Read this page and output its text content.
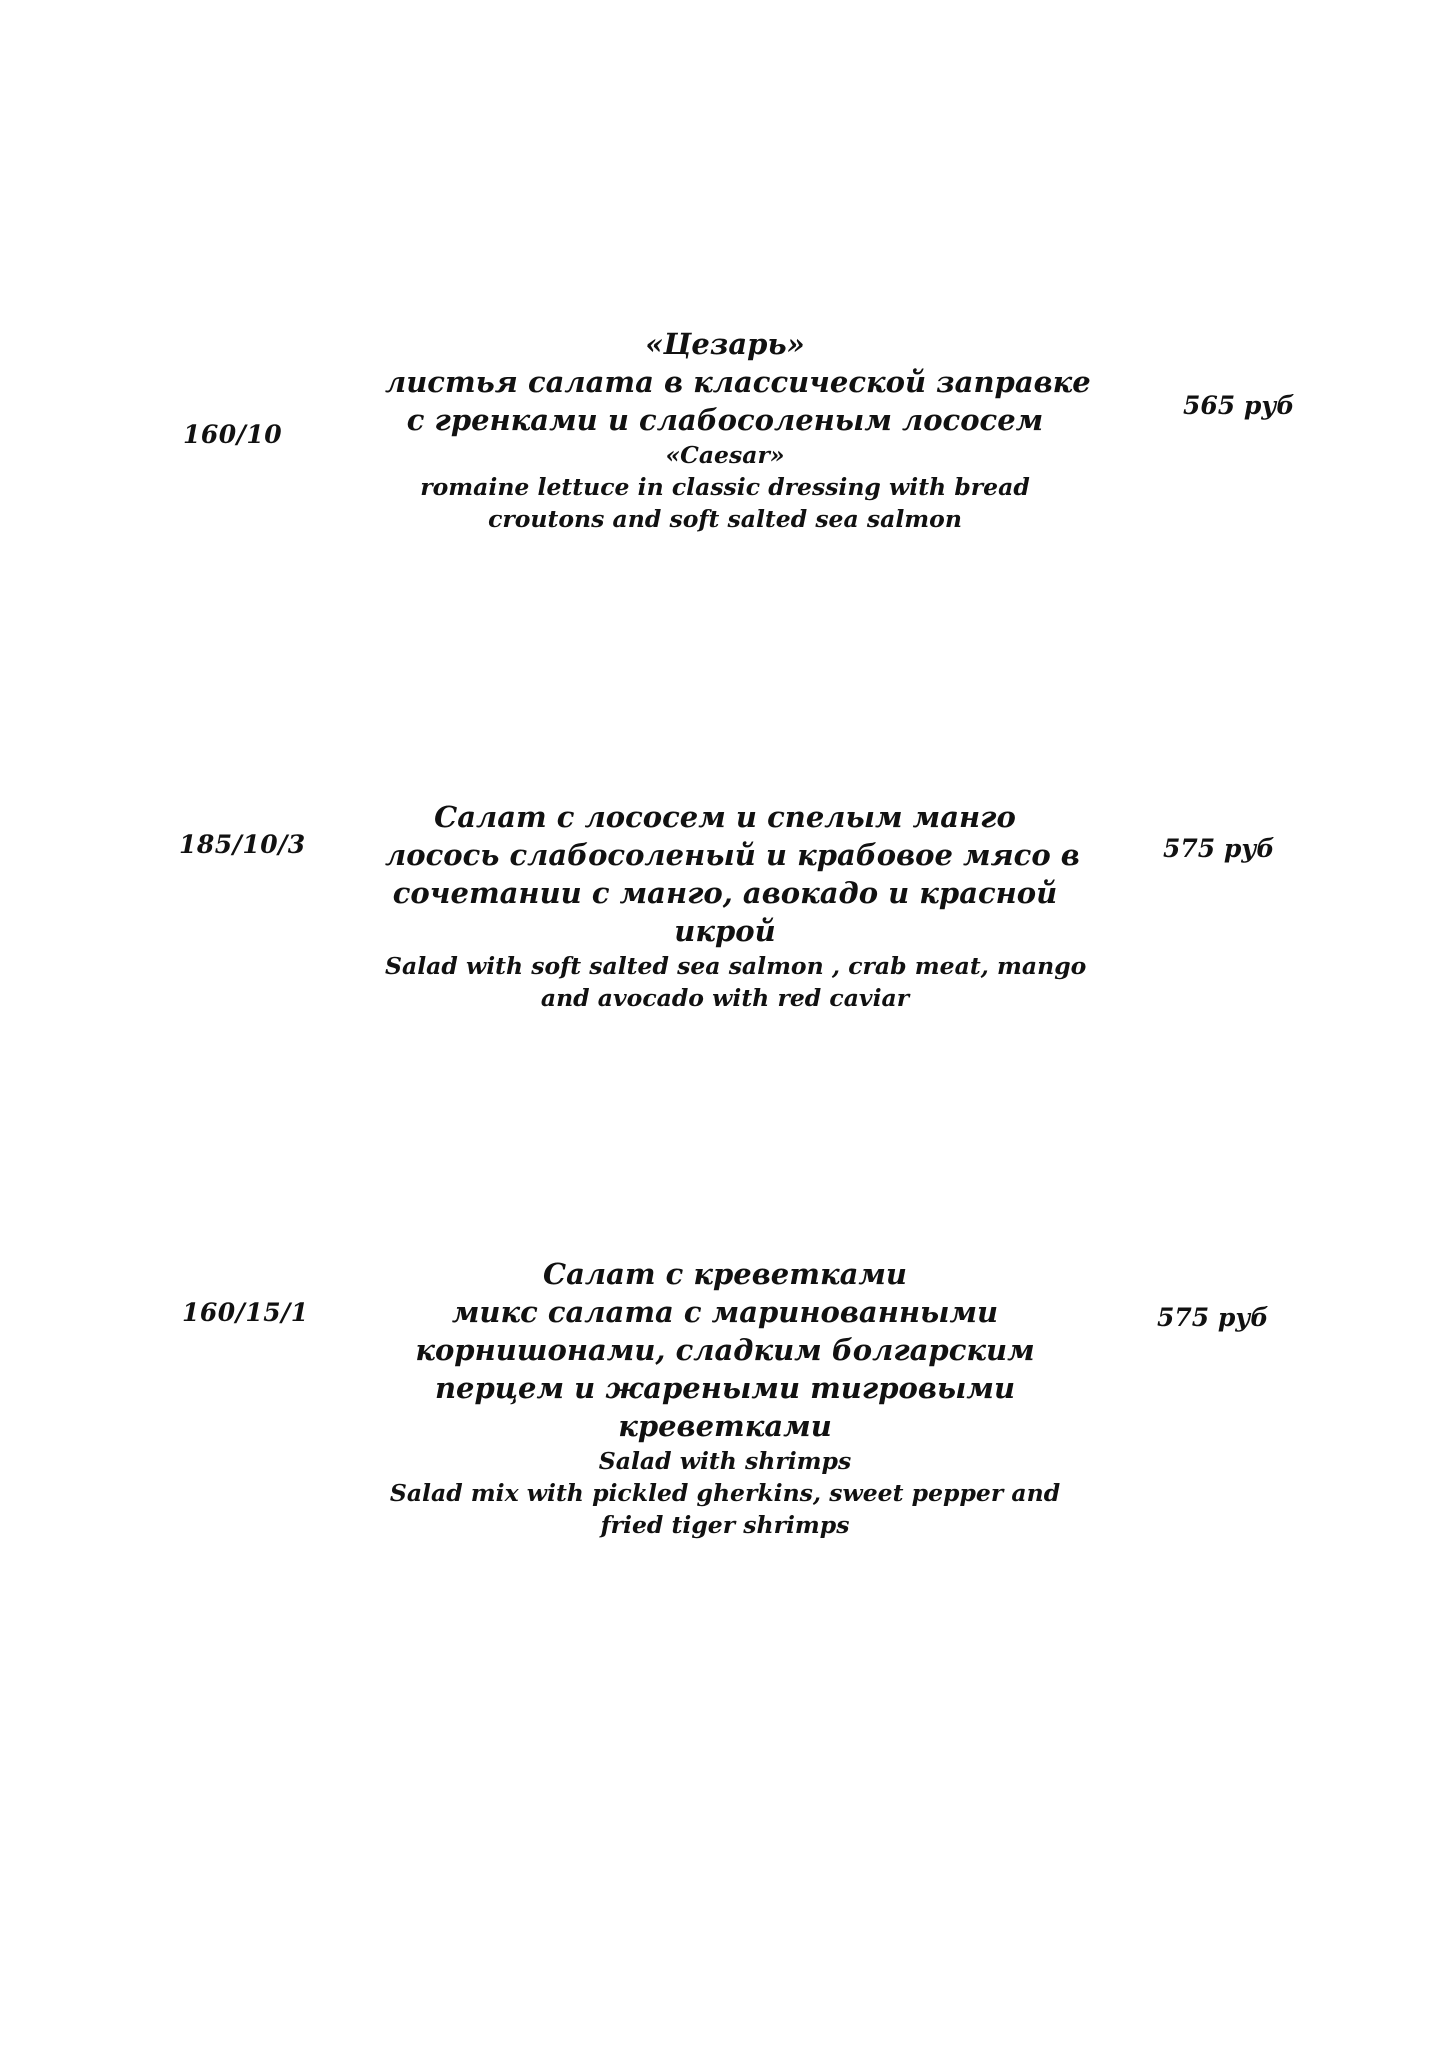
160/10
«Цезарь»
листья салата в классической заправке
с гренками и слабосоленым лососем
«Caesar»
romaine lettuce in classic dressing with bread
croutons and soft salted sea salmon
565 руб
185/10/3
Салат с лососем и спелым манго
лосось слабосоленый и крабовое мясо в
сочетании с манго, авокадо и красной
икрой
Salad with soft salted sea salmon , crab meat, mango
and avocado with red caviar
575 руб
160/15/1
Салат с креветками
микс салата с маринованными
корнишонами, сладким болгарским
перцем и жареными тигровыми
креветками
Salad with shrimps
Salad mix with pickled gherkins, sweet pepper and
fried tiger shrimps
575 руб
